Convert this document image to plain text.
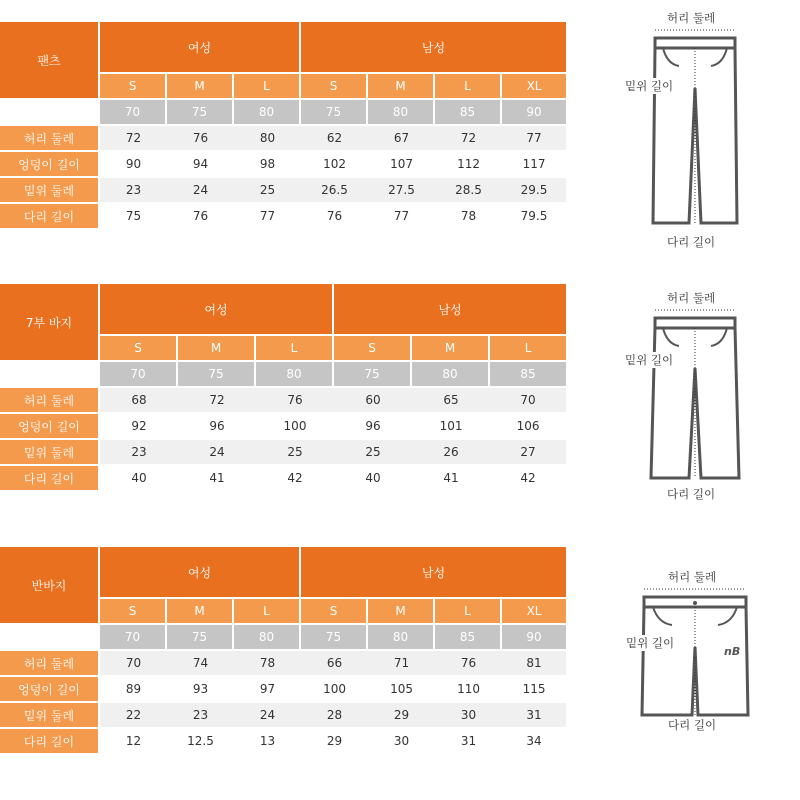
팬츠	여성			남성			
	S	M	L	S	M	L	XL
	70	75	80	75	80	85	90
허리 둘레	72	76	80	62	67	72	77
엉덩이 길이	90	94	98	102	107	112	117
밑위 둘레	23	24	25	26.5	27.5	28.5	29.5
다리 길이	75	76	77	76	77	78	79.5
허리 둘레
밑위 길이
다리 길이
7부 바지	여성			남성		
	S	M	L	S	M	L
	70	75	80	75	80	85
허리 둘레	68	72	76	60	65	70
엉덩이 길이	92	96	100	96	101	106
밑위 둘레	23	24	25	25	26	27
다리 길이	40	41	42	40	41	42
허리 둘레
밑위 길이
다리 길이
반바지	여성			남성			
	S	M	L	S	M	L	XL
	70	75	80	75	80	85	90
허리 둘레	70	74	78	66	71	76	81
엉덩이 길이	89	93	97	100	105	110	115
밑위 둘레	22	23	24	28	29	30	31
다리 길이	12	12.5	13	29	30	31	34
nB
허리 둘레
밑위 길이
다리 길이
